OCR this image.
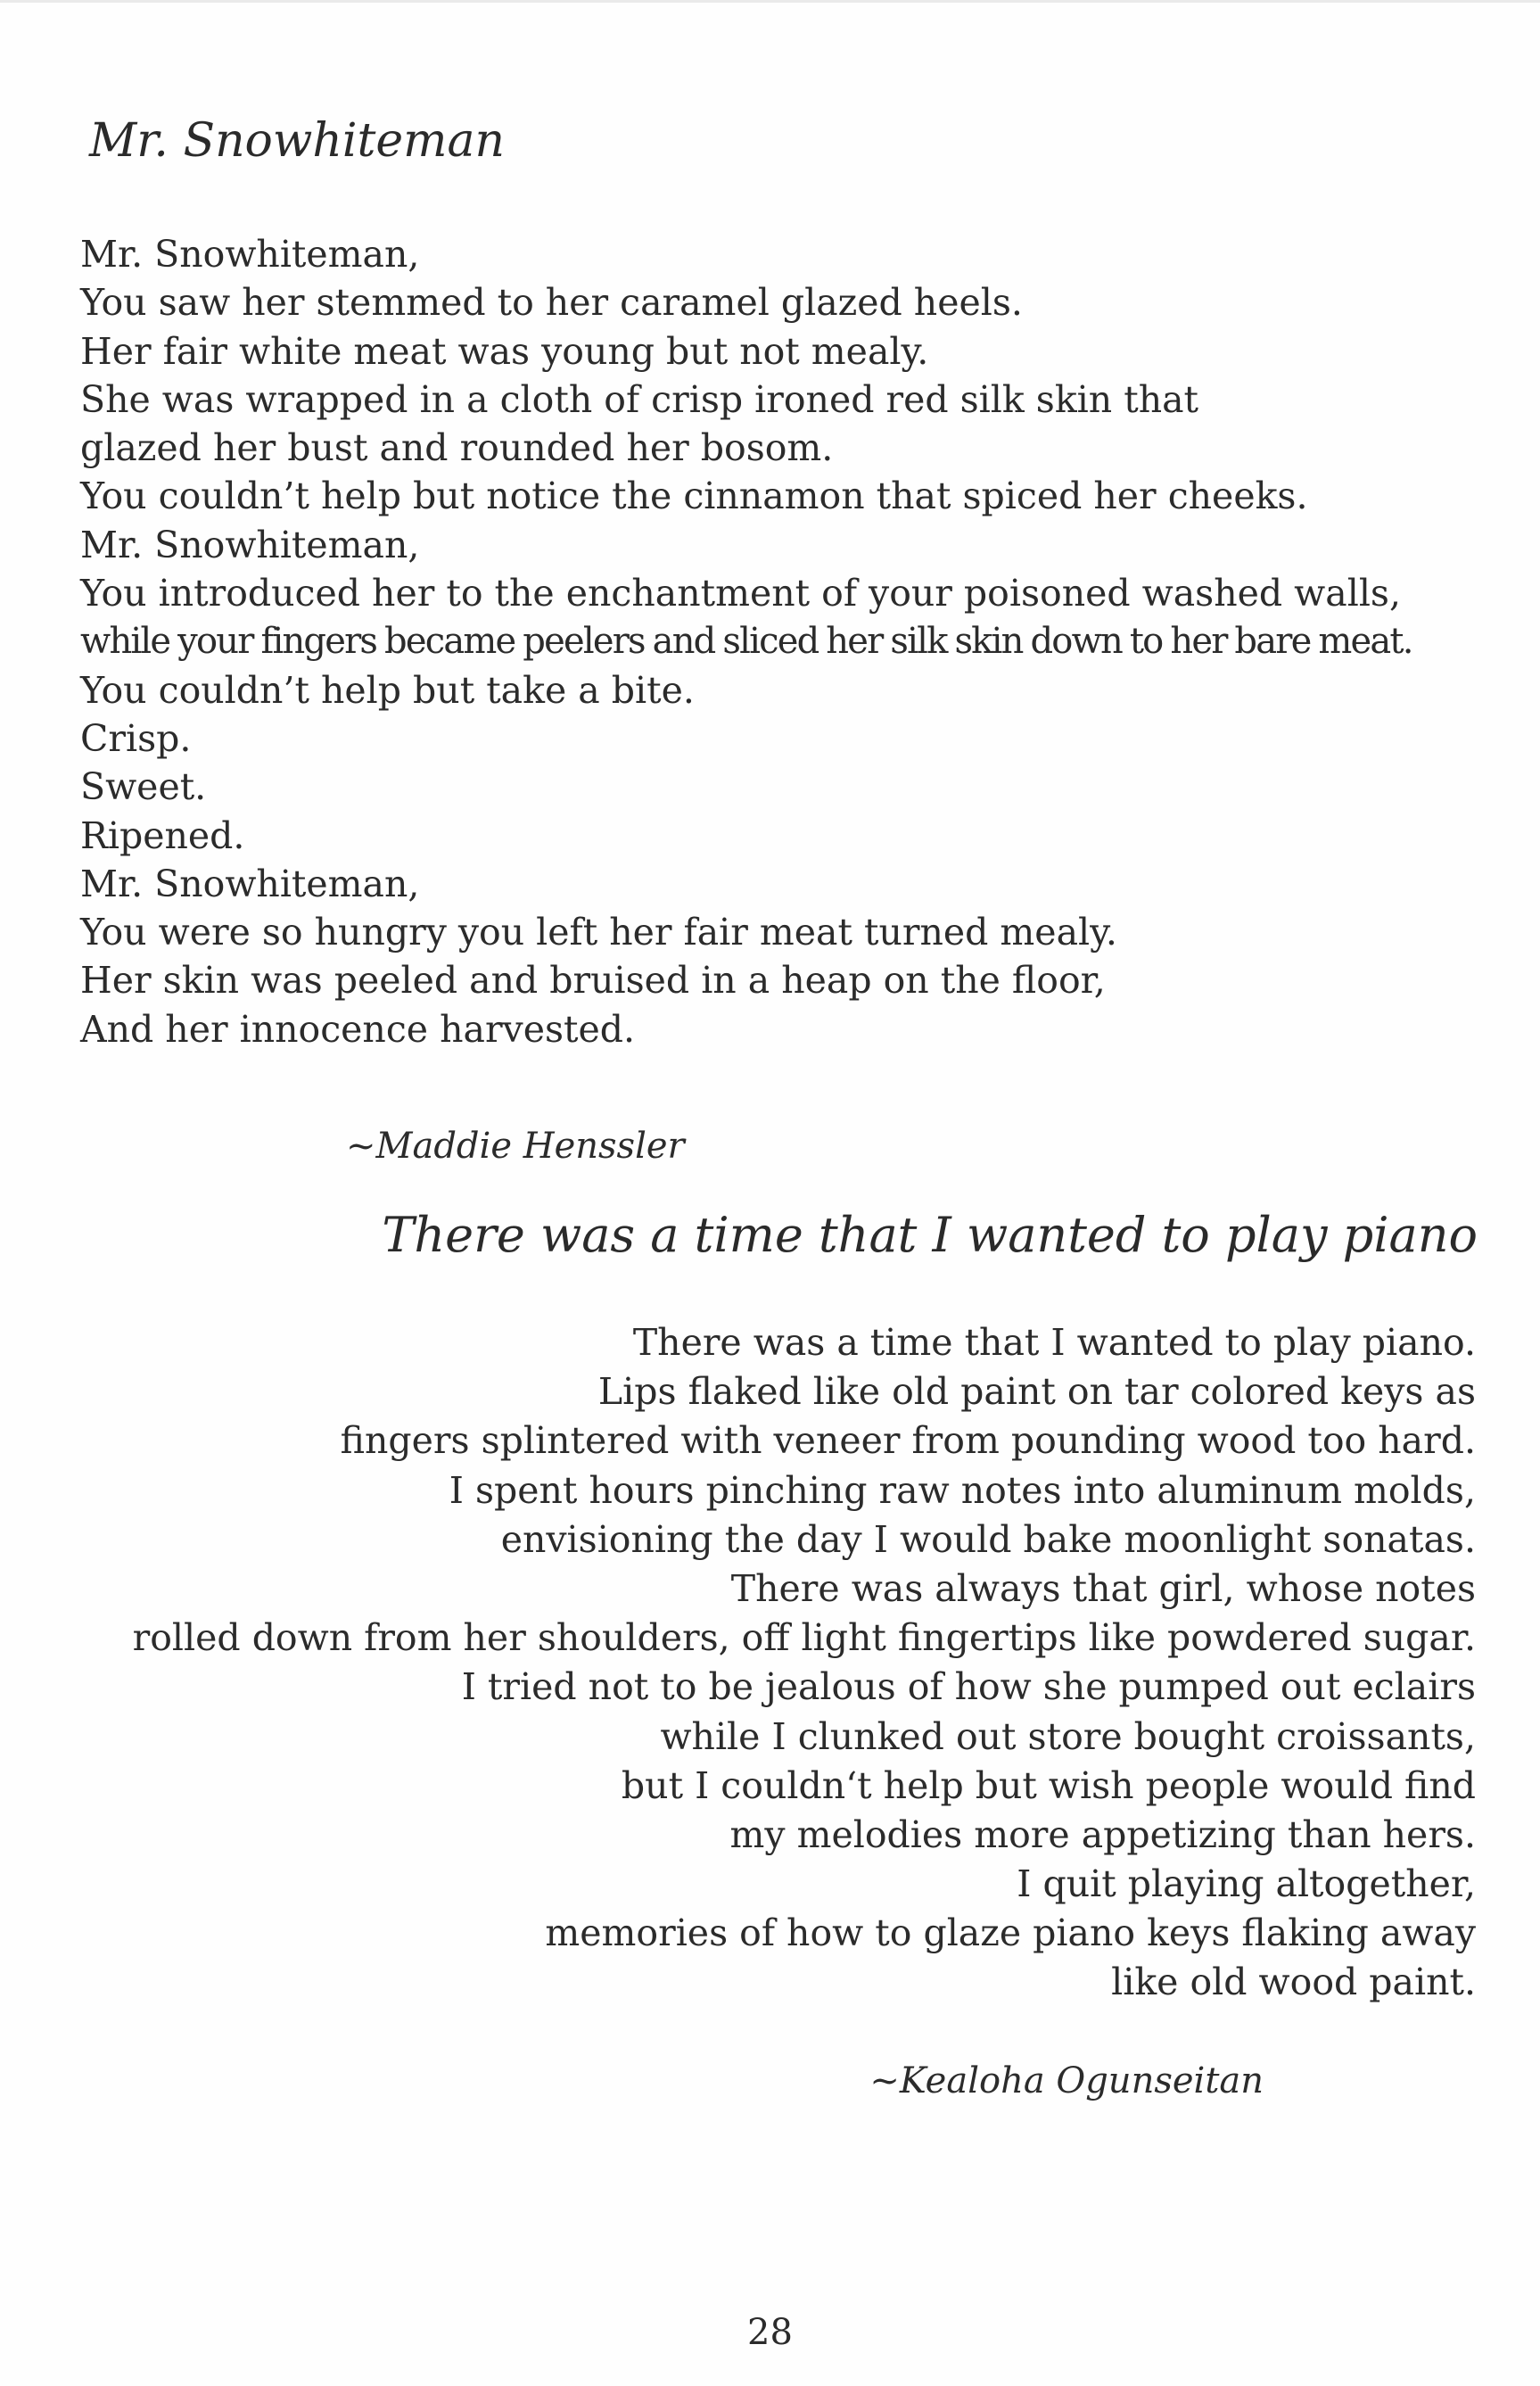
Mr. Snowhiteman
Mr. Snowhiteman,
You saw her stemmed to her caramel glazed heels.
Her fair white meat was young but not mealy.
She was wrapped in a cloth of crisp ironed red silk skin that
glazed her bust and rounded her bosom.
You couldn’t help but notice the cinnamon that spiced her cheeks.
Mr. Snowhiteman,
You introduced her to the enchantment of your poisoned washed walls,
while your fingers became peelers and sliced her silk skin down to her bare meat.
You couldn’t help but take a bite.
Crisp.
Sweet.
Ripened.
Mr. Snowhiteman,
You were so hungry you left her fair meat turned mealy.
Her skin was peeled and bruised in a heap on the floor,
And her innocence harvested.

~Maddie Henssler

There was a time that I wanted to play piano
There was a time that I wanted to play piano.
Lips flaked like old paint on tar colored keys as
fingers splintered with veneer from pounding wood too hard.
I spent hours pinching raw notes into aluminum molds,
envisioning the day I would bake moonlight sonatas.
There was always that girl, whose notes
rolled down from her shoulders, off light fingertips like powdered sugar.
I tried not to be jealous of how she pumped out eclairs
while I clunked out store bought croissants,
but I couldn‘t help but wish people would find
my melodies more appetizing than hers.
I quit playing altogether,
memories of how to glaze piano keys flaking away
like old wood paint.

~Kealoha Ogunseitan

28
